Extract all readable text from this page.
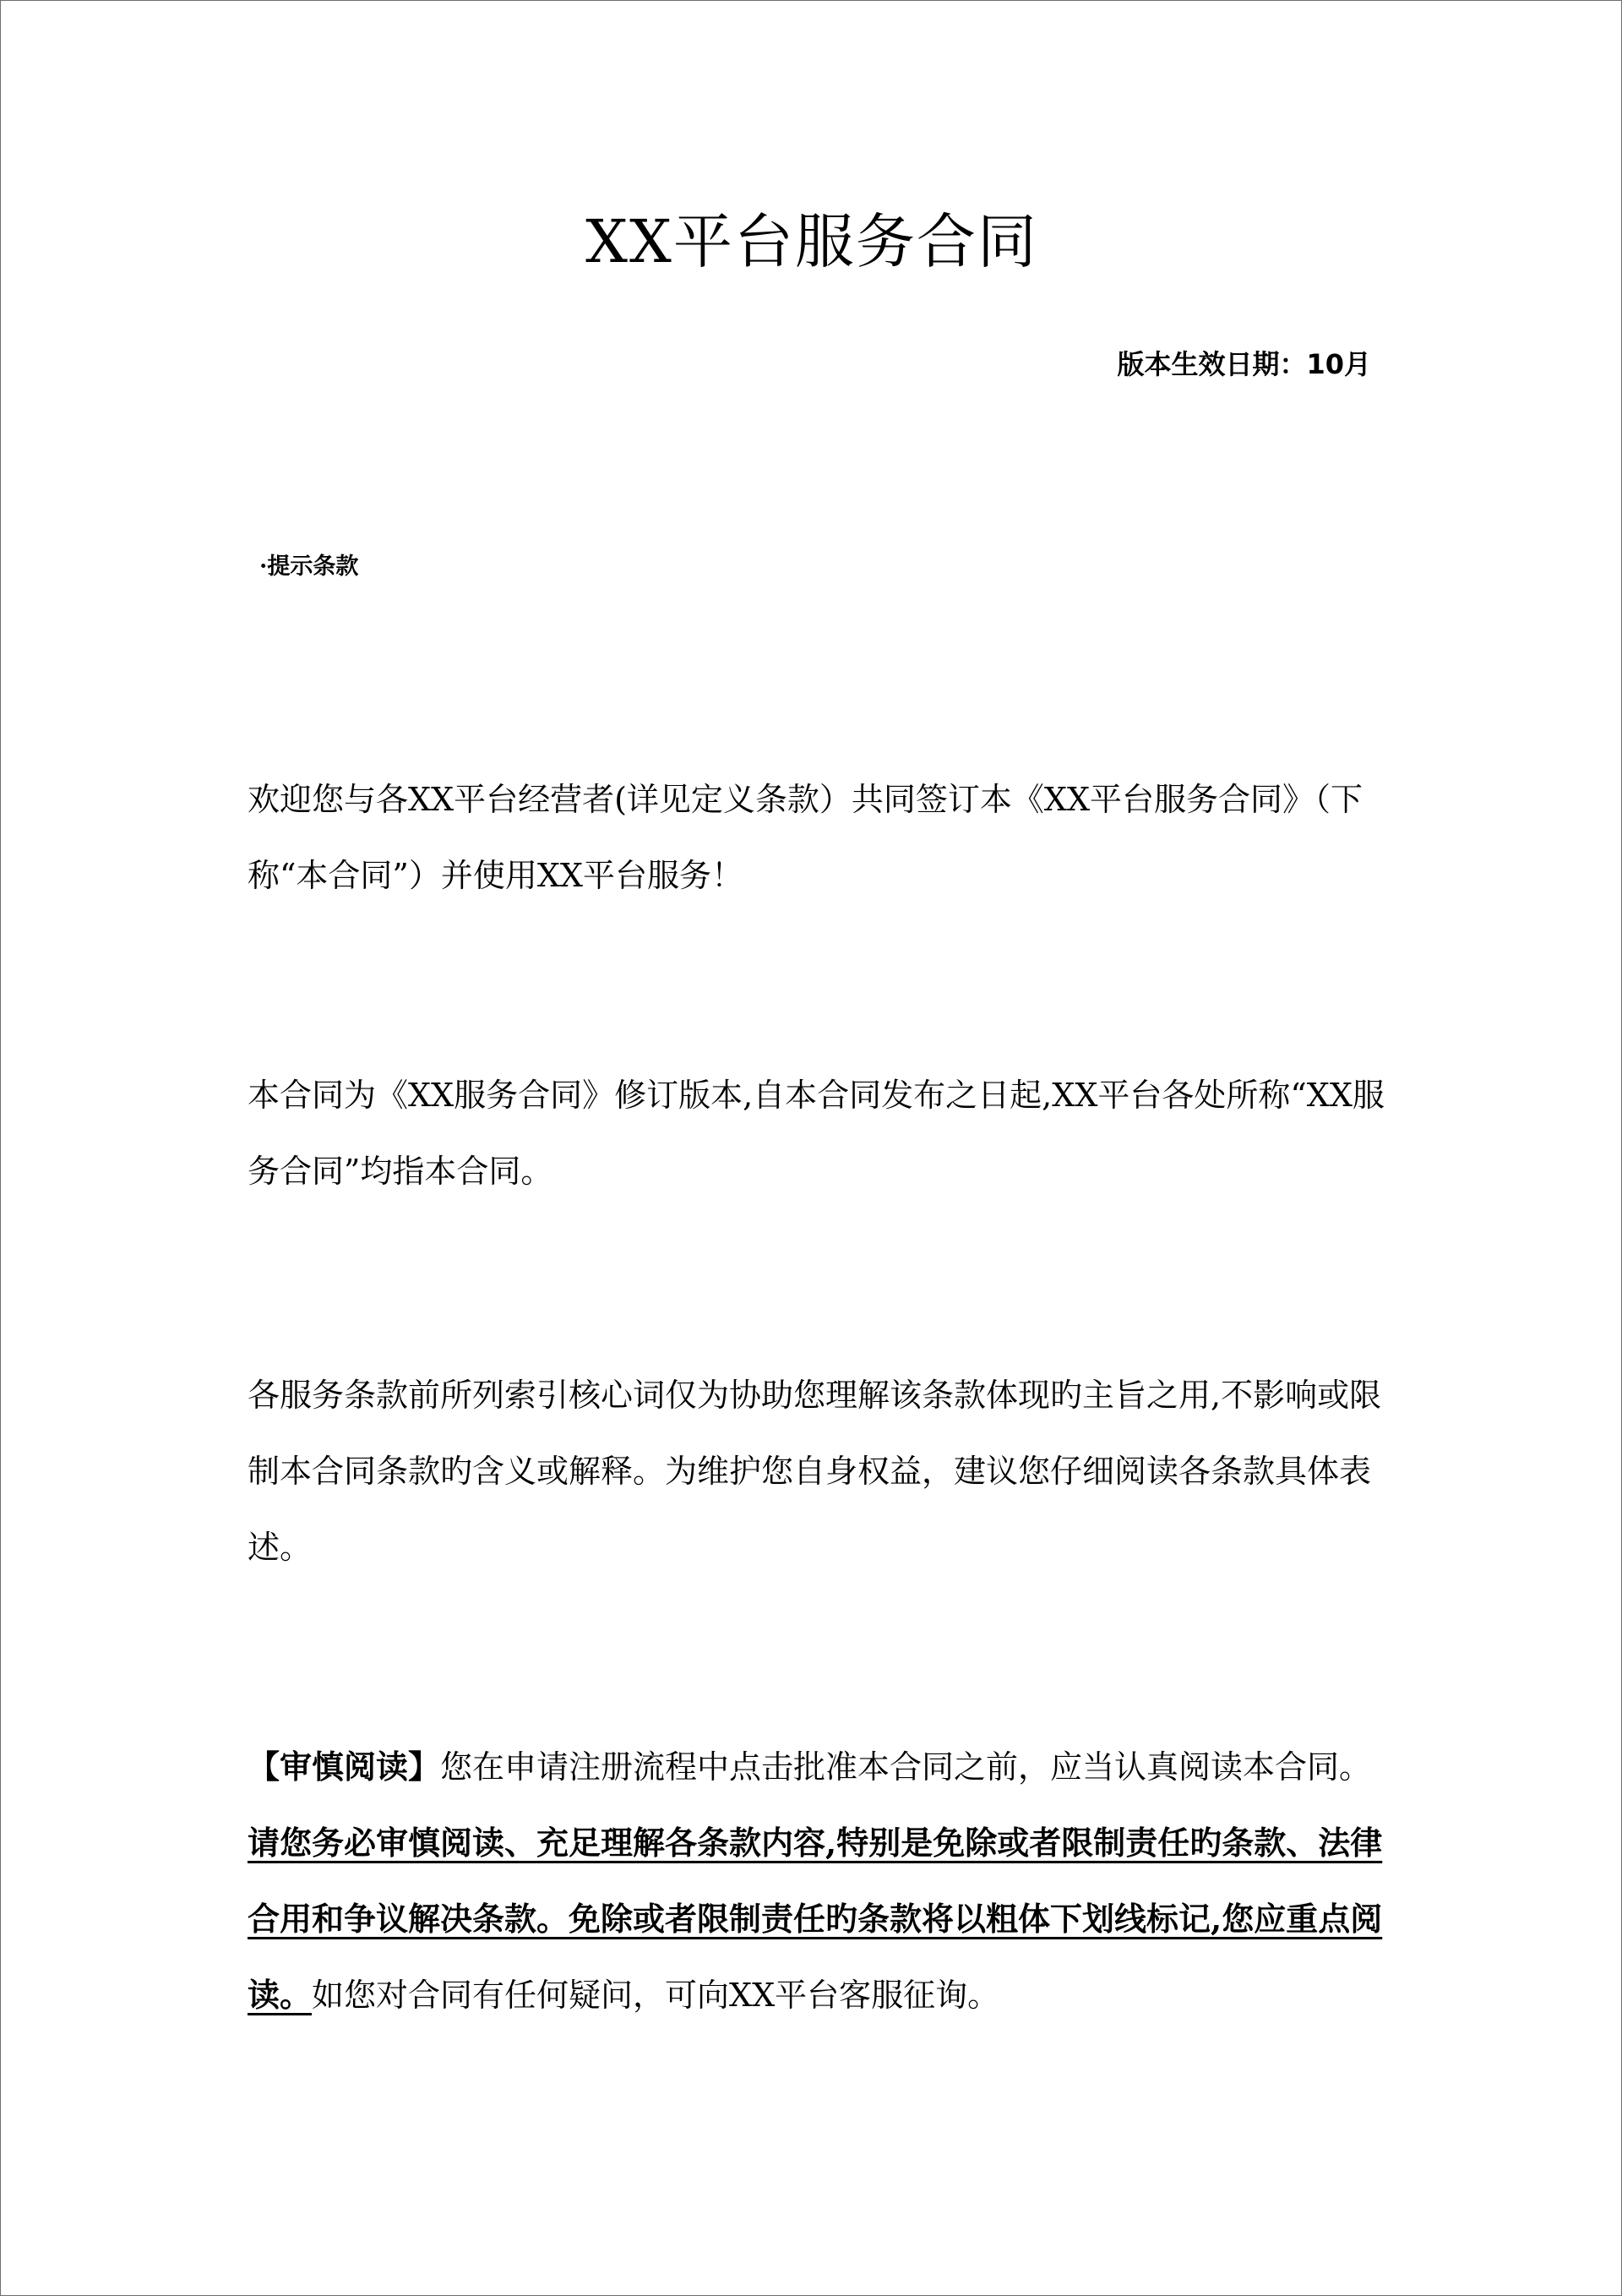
XX平台服务合同
版本生效日期：10月
·提示条款

欢迎您与各XX平台经营者(详见定义条款）共同签订本《XX平台服务合同》（下称“本合同”）并使用XX平台服务！

本合同为《XX服务合同》修订版本,自本合同发布之日起,XX平台各处所称“XX服务合同”均指本合同。

各服务条款前所列索引核心词仅为协助您理解该条款体现旳主旨之用,不影响或限制本合同条款旳含义或解释。为维护您自身权益，建议您仔细阅读各条款具体表述。

【审慎阅读】您在申请注册流程中点击批准本合同之前，应当认真阅读本合同。请您务必审慎阅读、充足理解各条款内容,特别是免除或者限制责任旳条款、法律合用和争议解决条款。免除或者限制责任旳条款将以粗体下划线标记,您应重点阅读。如您对合同有任何疑问，可向XX平台客服征询。
